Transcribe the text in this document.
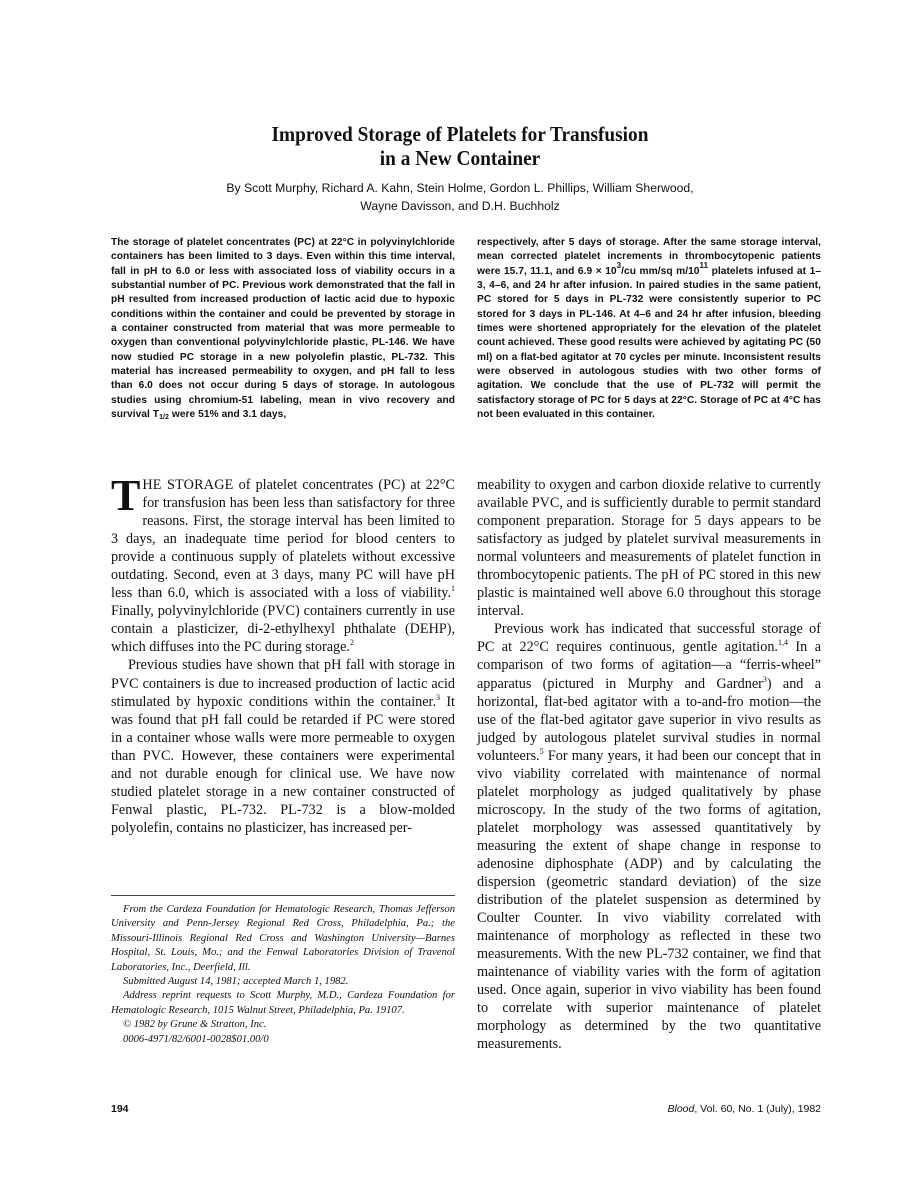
Improved Storage of Platelets for Transfusion
in a New Container
By Scott Murphy, Richard A. Kahn, Stein Holme, Gordon L. Phillips, William Sherwood,
Wayne Davisson, and D.H. Buchholz
The storage of platelet concentrates (PC) at 22°C in polyvinylchloride containers has been limited to 3 days. Even within this time interval, fall in pH to 6.0 or less with associated loss of viability occurs in a substantial number of PC. Previous work demonstrated that the fall in pH resulted from increased production of lactic acid due to hypoxic conditions within the container and could be prevented by storage in a container constructed from material that was more permeable to oxygen than conventional polyvinylchloride plastic, PL-146. We have now studied PC storage in a new polyolefin plastic, PL-732. This material has increased permeability to oxygen, and pH fall to less than 6.0 does not occur during 5 days of storage. In autologous studies using chromium-51 labeling, mean in vivo recovery and survival $T_{1/2}$ were 51% and 3.1 days,
respectively, after 5 days of storage. After the same storage interval, mean corrected platelet increments in thrombocytopenic patients were 15.7, 11.1, and $6.9 \times 10^3/cu$ mm/sq $m/10^{11}$ platelets infused at 1–3, 4–6, and 24 hr after infusion. In paired studies in the same patient, PC stored for 5 days in PL-732 were consistently superior to PC stored for 3 days in PL-146. At 4–6 and 24 hr after infusion, bleeding times were shortened appropriately for the elevation of the platelet count achieved. These good results were achieved by agitating PC (50 ml) on a flat-bed agitator at 70 cycles per minute. Inconsistent results were observed in autologous studies with two other forms of agitation. We conclude that the use of PL-732 will permit the satisfactory storage of PC for 5 days at 22°C. Storage of PC at 4°C has not been evaluated in this container.

THE STORAGE of platelet concentrates (PC) at 22°C for transfusion has been less than satisfactory for three reasons. First, the storage interval has been limited to 3 days, an inadequate time period for blood centers to provide a continuous supply of platelets without excessive outdating. Second, even at 3 days, many PC will have pH less than 6.0, which is associated with a loss of viability.$^1$ Finally, polyvinylchloride (PVC) containers currently in use contain a plasticizer, di-2-ethylhexyl phthalate (DEHP), which diffuses into the PC during storage.$^2$

Previous studies have shown that pH fall with storage in PVC containers is due to increased production of lactic acid stimulated by hypoxic conditions within the container.$^3$ It was found that pH fall could be retarded if PC were stored in a container whose walls were more permeable to oxygen than PVC. However, these containers were experimental and not durable enough for clinical use. We have now studied platelet storage in a new container constructed of Fenwal plastic, PL-732. PL-732 is a blow-molded polyolefin, contains no plasticizer, has increased per-

meability to oxygen and carbon dioxide relative to currently available PVC, and is sufficiently durable to permit standard component preparation. Storage for 5 days appears to be satisfactory as judged by platelet survival measurements in normal volunteers and measurements of platelet function in thrombocytopenic patients. The pH of PC stored in this new plastic is maintained well above 6.0 throughout this storage interval.

Previous work has indicated that successful storage of PC at 22°C requires continuous, gentle agitation.$^{1,4}$ In a comparison of two forms of agitation—a “ferris-wheel” apparatus (pictured in Murphy and Gardner$^3$) and a horizontal, flat-bed agitator with a to-and-fro motion—the use of the flat-bed agitator gave superior in vivo results as judged by autologous platelet survival studies in normal volunteers.$^5$ For many years, it had been our concept that in vivo viability correlated with maintenance of normal platelet morphology as judged qualitatively by phase microscopy. In the study of the two forms of agitation, platelet morphology was assessed quantitatively by measuring the extent of shape change in response to adenosine diphosphate (ADP) and by calculating the dispersion (geometric standard deviation) of the size distribution of the platelet suspension as determined by Coulter Counter. In vivo viability correlated with maintenance of morphology as reflected in these two measurements. With the new PL-732 container, we find that maintenance of viability varies with the form of agitation used. Once again, superior in vivo viability has been found to correlate with superior maintenance of platelet morphology as determined by the two quantitative measurements.

From the Cardeza Foundation for Hematologic Research, Thomas Jefferson University and Penn-Jersey Regional Red Cross, Philadelphia, Pa.; the Missouri-Illinois Regional Red Cross and Washington University—Barnes Hospital, St. Louis, Mo.; and the Fenwal Laboratories Division of Travenol Laboratories, Inc., Deerfield, Ill.

Submitted August 14, 1981; accepted March 1, 1982.

Address reprint requests to Scott Murphy, M.D., Cardeza Foundation for Hematologic Research, 1015 Walnut Street, Philadelphia, Pa. 19107.

© 1982 by Grune & Stratton, Inc.

0006-4971/82/6001-0028$01.00/0

194	Blood, Vol. 60, No. 1 (July), 1982
